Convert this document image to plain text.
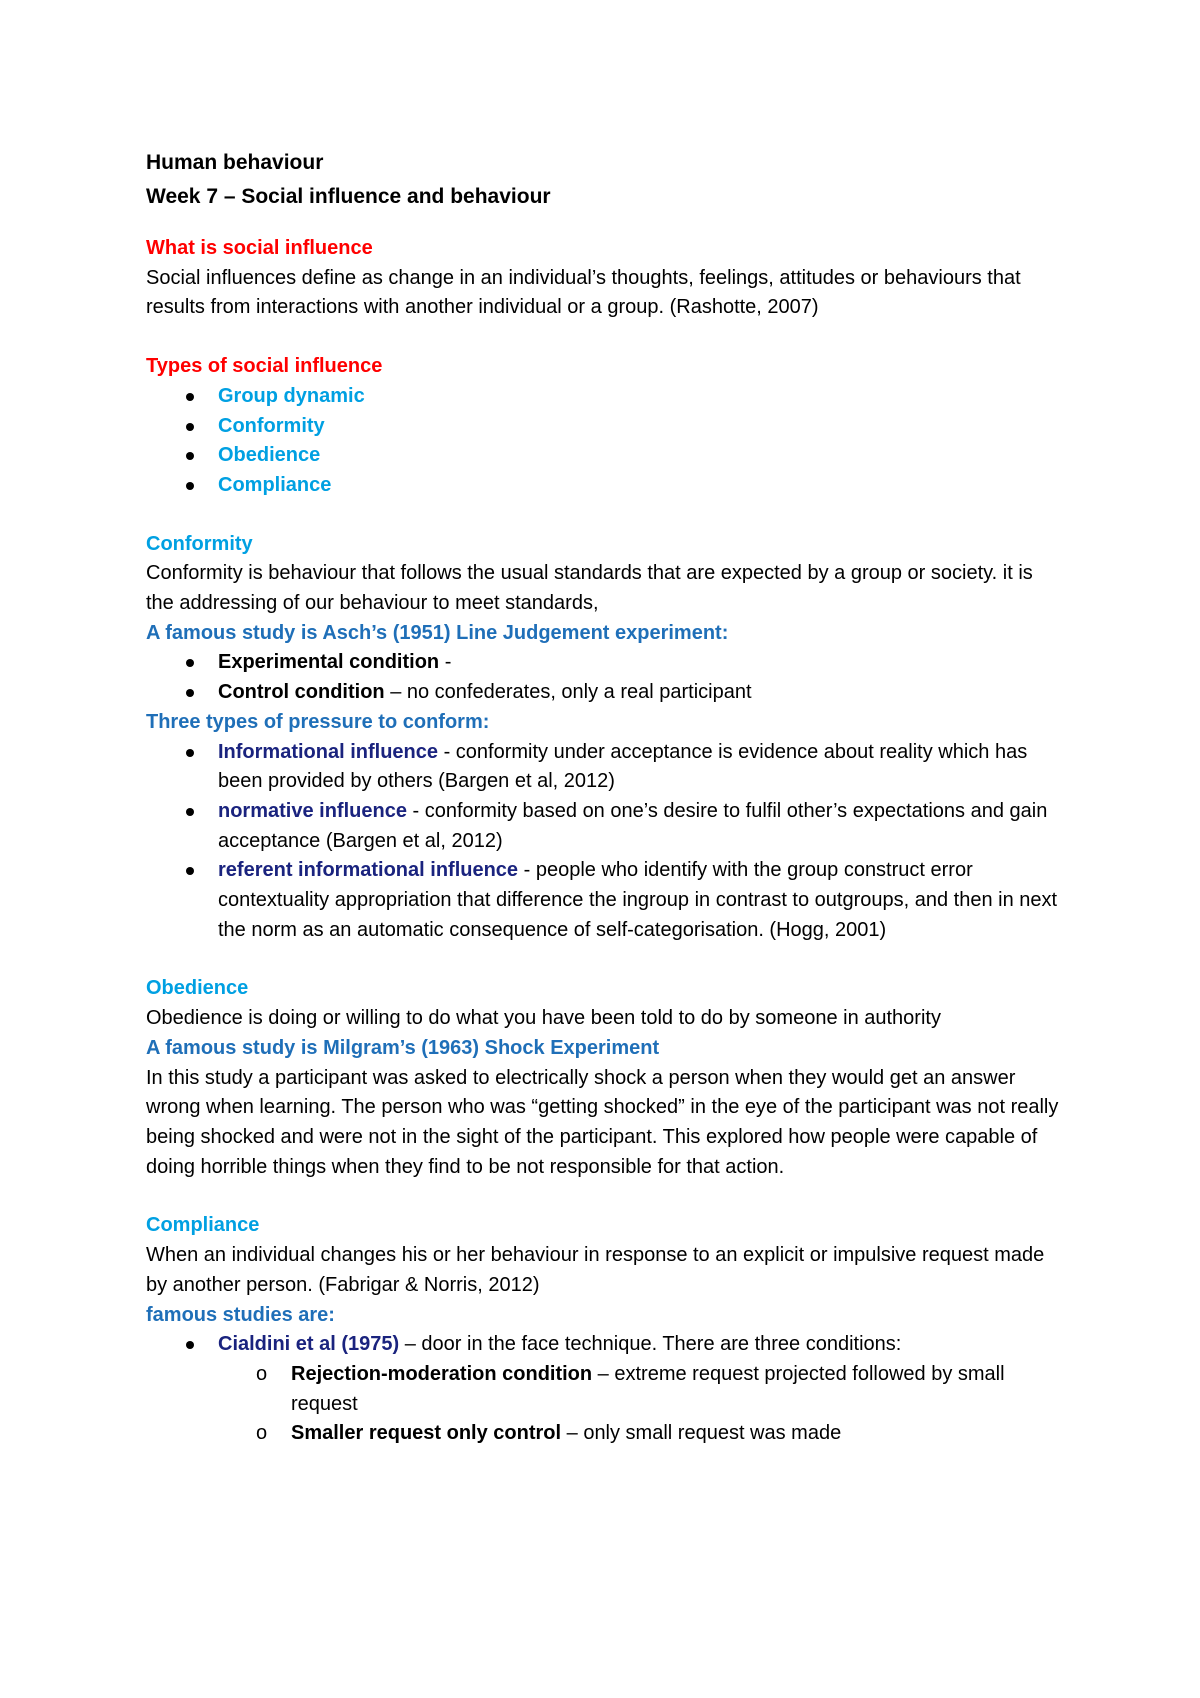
Human behaviour

Week 7 – Social influence and behaviour

What is social influence

Social influences define as change in an individual’s thoughts, feelings, attitudes or behaviours that results from interactions with another individual or a group. (Rashotte, 2007)

Types of social influence

Group dynamic
Conformity
Obedience
Compliance

Conformity

Conformity is behaviour that follows the usual standards that are expected by a group or society. it is the addressing of our behaviour to meet standards,

A famous study is Asch’s (1951) Line Judgement experiment:

Experimental condition -
Control condition – no confederates, only a real participant

Three types of pressure to conform:

Informational influence - conformity under acceptance is evidence about reality which has been provided by others (Bargen et al, 2012)
normative influence - conformity based on one’s desire to fulfil other’s expectations and gain acceptance (Bargen et al, 2012)
referent informational influence - people who identify with the group construct error contextuality appropriation that difference the ingroup in contrast to outgroups, and then in next the norm as an automatic consequence of self-categorisation. (Hogg, 2001)

Obedience

Obedience is doing or willing to do what you have been told to do by someone in authority

A famous study is Milgram’s (1963) Shock Experiment

In this study a participant was asked to electrically shock a person when they would get an answer wrong when learning. The person who was “getting shocked” in the eye of the participant was not really being shocked and were not in the sight of the participant. This explored how people were capable of doing horrible things when they find to be not responsible for that action.

Compliance

When an individual changes his or her behaviour in response to an explicit or impulsive request made by another person. (Fabrigar & Norris, 2012)

famous studies are:

Cialdini et al (1975) – door in the face technique. There are three conditions:
o Rejection-moderation condition – extreme request projected followed by small request
o Smaller request only control – only small request was made
